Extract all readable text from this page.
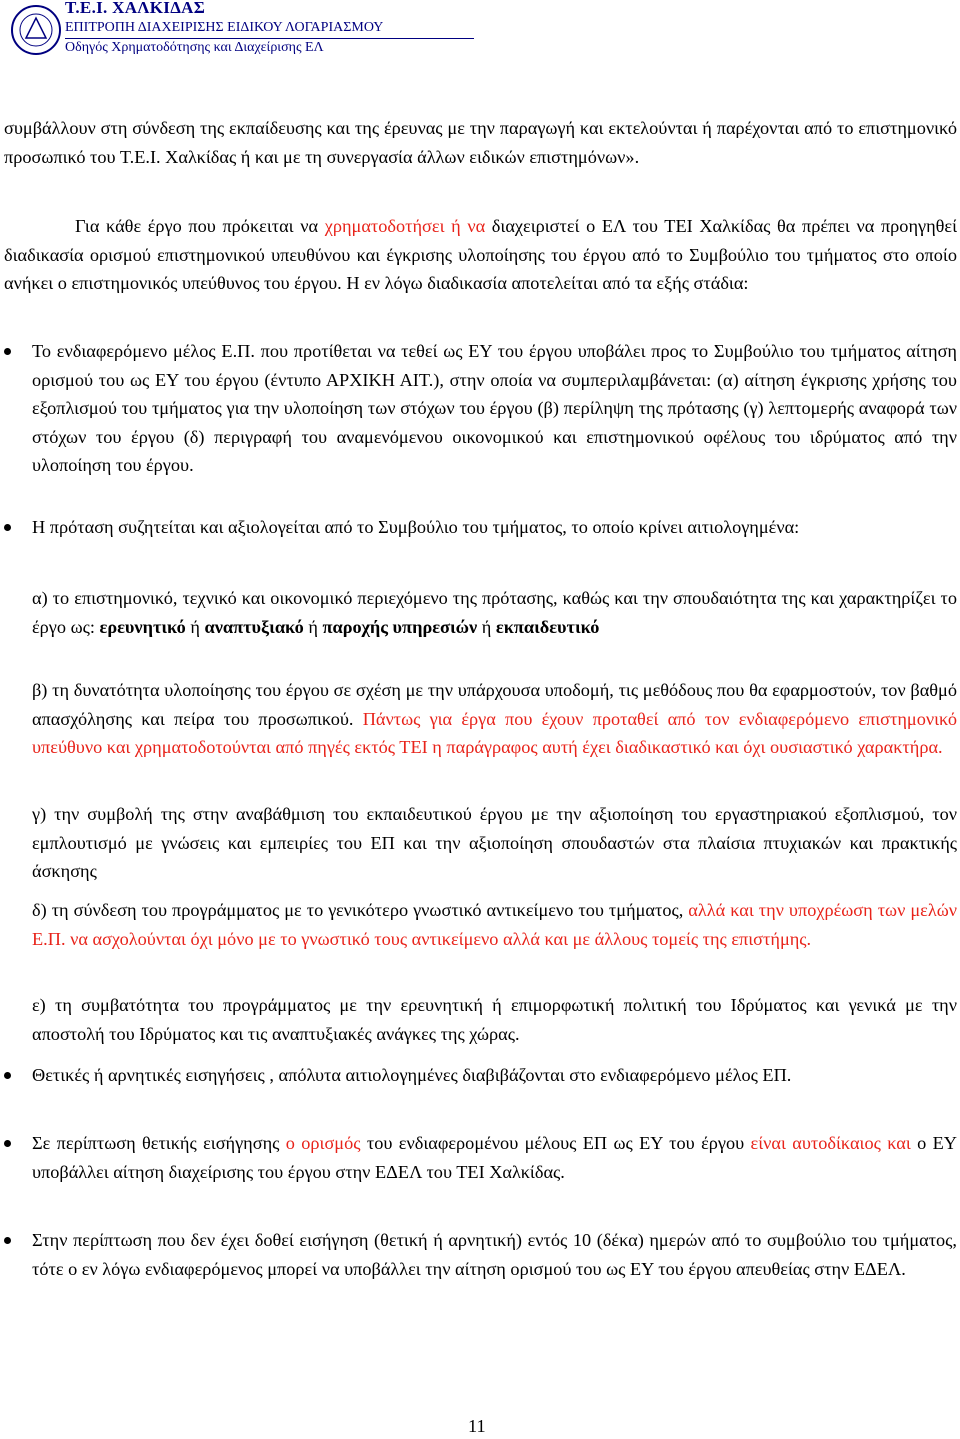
Τ.Ε.Ι. ΧΑΛΚΙΔΑΣ
ΕΠΙΤΡΟΠΗ ΔΙΑΧΕΙΡΙΣΗΣ ΕΙΔΙΚΟΥ ΛΟΓΑΡΙΑΣΜΟΥ
Οδηγός Χρηματοδότησης και Διαχείρισης ΕΛ

συμβάλλουν στη σύνδεση της εκπαίδευσης και της έρευνας με την παραγωγή και εκτελούνται ή παρέχονται από το επιστημονικό προσωπικό του Τ.Ε.Ι. Χαλκίδας ή και με τη συνεργασία άλλων ειδικών επιστημόνων».

Για κάθε έργο που πρόκειται να χρηματοδοτήσει ή να διαχειριστεί ο ΕΛ του ΤΕΙ Χαλκίδας θα πρέπει να προηγηθεί διαδικασία ορισμού επιστημονικού υπευθύνου και έγκρισης υλοποίησης του έργου από το Συμβούλιο του τμήματος στο οποίο ανήκει ο επιστημονικός υπεύθυνος του έργου. Η εν λόγω διαδικασία αποτελείται από τα εξής στάδια:

Το ενδιαφερόμενο μέλος Ε.Π. που προτίθεται να τεθεί ως ΕΥ του έργου υποβάλει προς το Συμβούλιο του τμήματος αίτηση ορισμού του ως ΕΥ του έργου (έντυπο ΑΡΧΙΚΗ ΑΙΤ.), στην οποία να συμπεριλαμβάνεται: (α) αίτηση έγκρισης χρήσης του εξοπλισμού του τμήματος για την υλοποίηση των στόχων του έργου (β) περίληψη της πρότασης (γ) λεπτομερής αναφορά των στόχων του έργου (δ) περιγραφή του αναμενόμενου οικονομικού και επιστημονικού οφέλους του ιδρύματος από την υλοποίηση του έργου.
Η πρόταση συζητείται και αξιολογείται από το Συμβούλιο του τμήματος, το οποίο κρίνει αιτιολογημένα:

α) το επιστημονικό, τεχνικό και οικονομικό περιεχόμενο της πρότασης, καθώς και την σπουδαιότητα της και χαρακτηρίζει το έργο ως: ερευνητικό ή αναπτυξιακό ή παροχής υπηρεσιών ή εκπαιδευτικό

β) τη δυνατότητα υλοποίησης του έργου σε σχέση με την υπάρχουσα υποδομή, τις μεθόδους που θα εφαρμοστούν, τον βαθμό απασχόλησης και πείρα του προσωπικού. Πάντως για έργα που έχουν προταθεί από τον ενδιαφερόμενο επιστημονικό υπεύθυνο και χρηματοδοτούνται από πηγές εκτός ΤΕΙ η παράγραφος αυτή έχει διαδικαστικό και όχι ουσιαστικό χαρακτήρα.

γ) την συμβολή της στην αναβάθμιση του εκπαιδευτικού έργου με την αξιοποίηση του εργαστηριακού εξοπλισμού, τον εμπλουτισμό με γνώσεις και εμπειρίες του ΕΠ και την αξιοποίηση σπουδαστών στα πλαίσια πτυχιακών και πρακτικής άσκησης

δ) τη σύνδεση του προγράμματος με το γενικότερο γνωστικό αντικείμενο του τμήματος, αλλά και την υποχρέωση των μελών Ε.Π. να ασχολούνται όχι μόνο με το γνωστικό τους αντικείμενο αλλά και με άλλους τομείς της επιστήμης.

ε) τη συμβατότητα του προγράμματος με την ερευνητική ή επιμορφωτική πολιτική του Ιδρύματος και γενικά με την αποστολή του Ιδρύματος και τις αναπτυξιακές ανάγκες της χώρας.

Θετικές ή αρνητικές εισηγήσεις , απόλυτα αιτιολογημένες διαβιβάζονται στο ενδιαφερόμενο μέλος ΕΠ.
Σε περίπτωση θετικής εισήγησης ο ορισμός του ενδιαφερομένου μέλους ΕΠ ως ΕΥ του έργου είναι αυτοδίκαιος και ο ΕΥ υποβάλλει αίτηση διαχείρισης του έργου στην ΕΔΕΛ του ΤΕΙ Χαλκίδας.
Στην περίπτωση που δεν έχει δοθεί εισήγηση (θετική ή αρνητική) εντός 10 (δέκα) ημερών από το συμβούλιο του τμήματος, τότε ο εν λόγω ενδιαφερόμενος μπορεί να υποβάλλει την αίτηση ορισμού του ως ΕΥ του έργου απευθείας στην ΕΔΕΛ.
11
